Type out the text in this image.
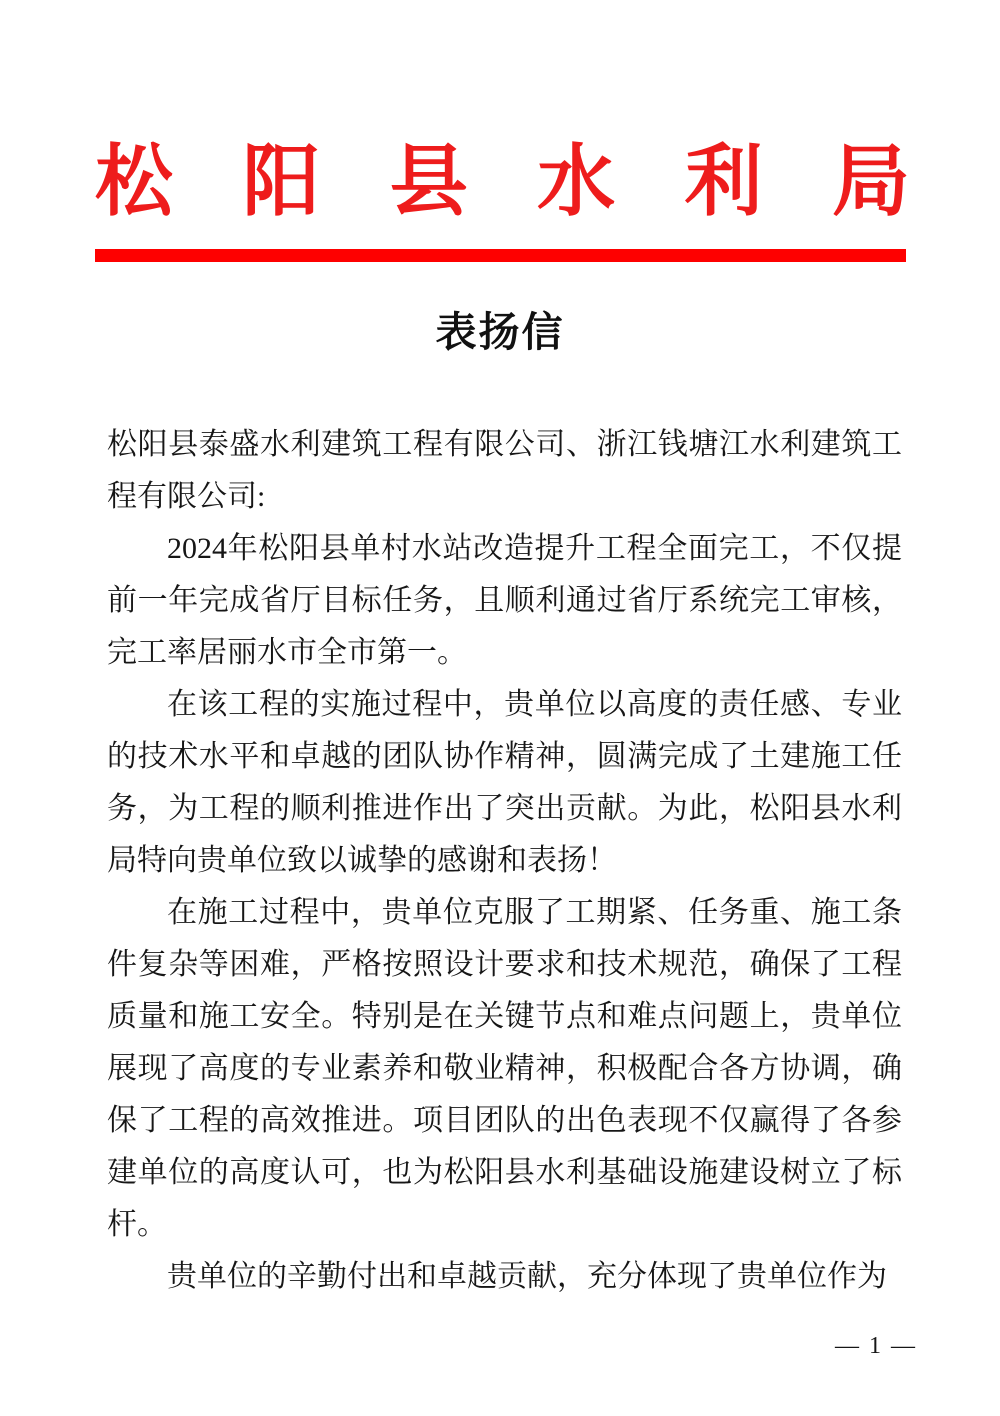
松 阳 县 水 利 局
表扬信

松阳县泰盛水利建筑工程有限公司、浙江钱塘江水利建筑工程有限公司:

2024年松阳县单村水站改造提升工程全面完工，不仅提前一年完成省厅目标任务，且顺利通过省厅系统完工审核，完工率居丽水市全市第一。

在该工程的实施过程中，贵单位以高度的责任感、专业的技术水平和卓越的团队协作精神，圆满完成了土建施工任务，为工程的顺利推进作出了突出贡献。为此，松阳县水利局特向贵单位致以诚挚的感谢和表扬！

在施工过程中，贵单位克服了工期紧、任务重、施工条件复杂等困难，严格按照设计要求和技术规范，确保了工程质量和施工安全。特别是在关键节点和难点问题上，贵单位展现了高度的专业素养和敬业精神，积极配合各方协调，确保了工程的高效推进。项目团队的出色表现不仅赢得了各参建单位的高度认可，也为松阳县水利基础设施建设树立了标杆。

贵单位的辛勤付出和卓越贡献，充分体现了贵单位作为

— 1 —
